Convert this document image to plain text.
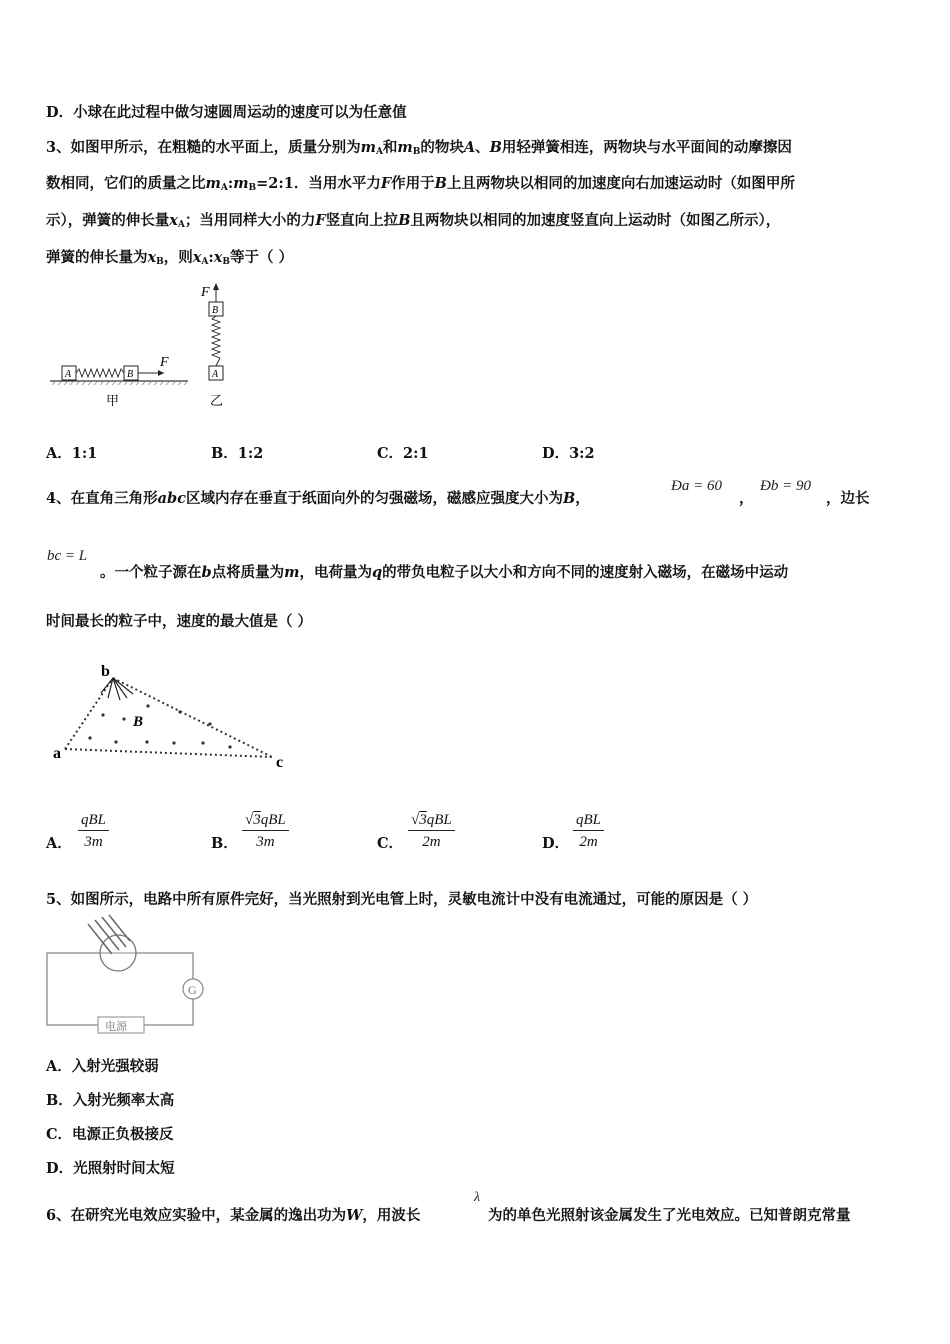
D．小球在此过程中做匀速圆周运动的速度可以为任意值
3、如图甲所示，在粗糙的水平面上，质量分别为$m_A$和$m_B$的物块A、B用轻弹簧相连，两物块与水平面间的动摩擦因
数相同，它们的质量之比$m_A:m_B=2:1$．当用水平力F作用于B上且两物块以相同的加速度向右加速运动时（如图甲所
示），弹簧的伸长量$x_A$；当用同样大小的力F竖直向上拉B且两物块以相同的加速度竖直向上运动时（如图乙所示），
弹簧的伸长量为$x_B$，则$x_A:x_B$等于（ ）
A	B
F
甲
F
B
A
乙
A．1:1	B．1:2	C．2:1	D．3:2
4、在直角三角形abc区域内存在垂直于纸面向外的匀强磁场，磁感应强度大小为B，
Ða = 60
，
Ðb = 90
，边长
bc = L
。一个粒子源在b点将质量为m，电荷量为q的带负电粒子以大小和方向不同的速度射入磁场，在磁场中运动
时间最长的粒子中，速度的最大值是（ ）
a
b
c
B
A．
qBL
3m	B．
√3qBL
3m	C．
√3qBL
2m	D．
qBL
2m
5、如图所示，电路中所有原件完好，当光照射到光电管上时，灵敏电流计中没有电流通过，可能的原因是（ ）
电源
G
A．入射光强较弱
B．入射光频率太高
C．电源正负极接反
D．光照射时间太短
6、在研究光电效应实验中，某金属的逸出功为W，用波长
λ
为的单色光照射该金属发生了光电效应。已知普朗克常量
